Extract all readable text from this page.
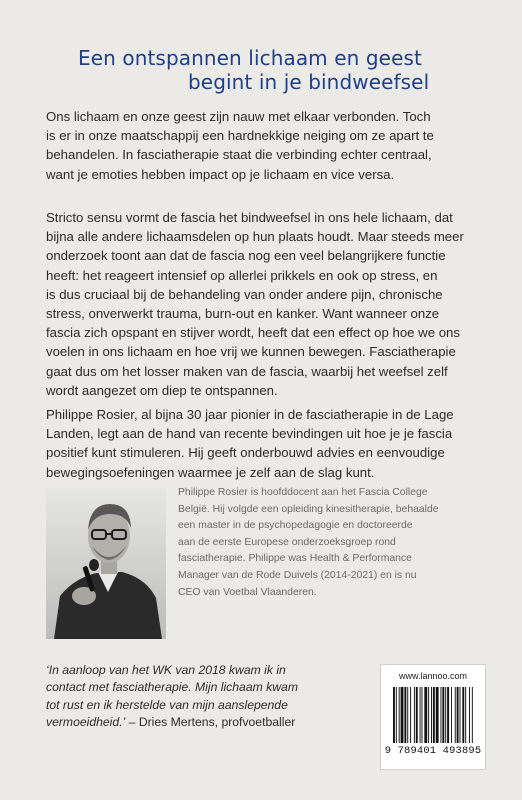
Een ontspannen lichaam en geest
begint in je bindweefsel

Ons lichaam en onze geest zijn nauw met elkaar verbonden. Toch
is er in onze maatschappij een hardnekkige neiging om ze apart te
behandelen. In fasciatherapie staat die verbinding echter centraal,
want je emoties hebben impact op je lichaam en vice versa.

Stricto sensu vormt de fascia het bindweefsel in ons hele lichaam, dat
bijna alle andere lichaamsdelen op hun plaats houdt. Maar steeds meer
onderzoek toont aan dat de fascia nog een veel belangrijkere functie
heeft: het reageert intensief op allerlei prikkels en ook op stress, en
is dus cruciaal bij de behandeling van onder andere pijn, chronische
stress, onverwerkt trauma, burn-out en kanker. Want wanneer onze
fascia zich opspant en stijver wordt, heeft dat een effect op hoe we ons
voelen in ons lichaam en hoe vrij we kunnen bewegen. Fasciatherapie
gaat dus om het losser maken van de fascia, waarbij het weefsel zelf
wordt aangezet om diep te ontspannen.

Philippe Rosier, al bijna 30 jaar pionier in de fasciatherapie in de Lage
Landen, legt aan de hand van recente bevindingen uit hoe je je fascia
positief kunt stimuleren. Hij geeft onderbouwd advies en eenvoudige
bewegingsoefeningen waarmee je zelf aan de slag kunt.

Philippe Rosier is hoofddocent aan het Fascia College
België. Hij volgde een opleiding kinesitherapie, behaalde
een master in de psychopedagogie en doctoreerde
aan de eerste Europese onderzoeksgroep rond
fasciatherapie. Philippe was Health & Performance
Manager van de Rode Duivels (2014-2021) en is nu
CEO van Voetbal Vlaanderen.

‘In aanloop van het WK van 2018 kwam ik in
contact met fasciatherapie. Mijn lichaam kwam
tot rust en ik herstelde van mijn aanslepende
vermoeidheid.’ – Dries Mertens, profvoetballer

www.lannoo.com
9 789401 493895
